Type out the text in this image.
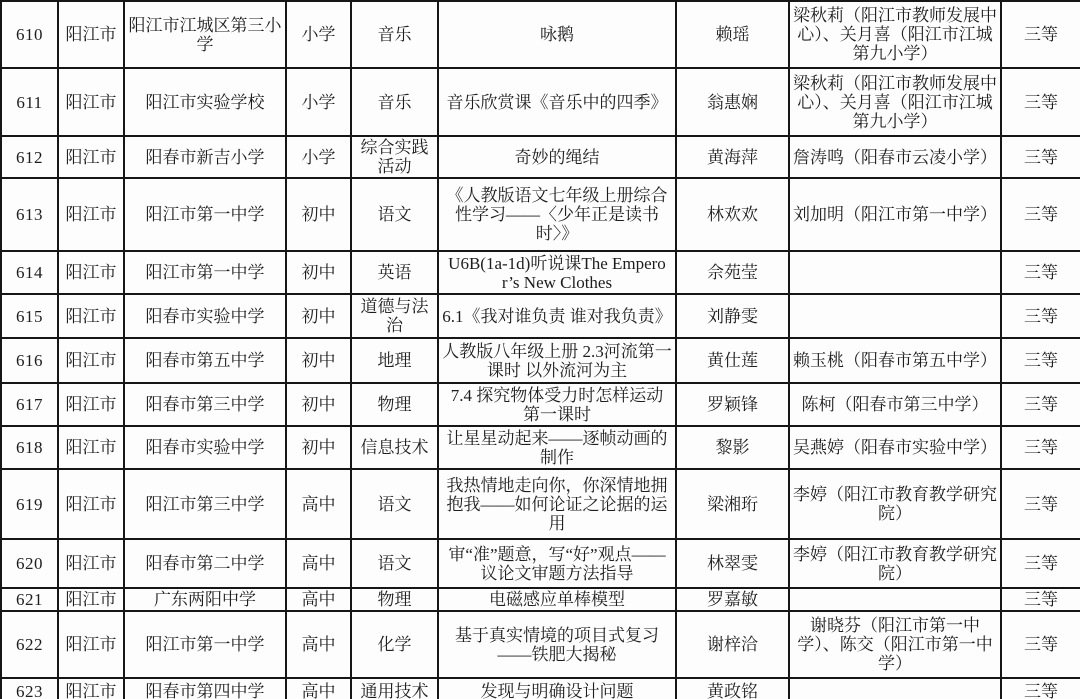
610	阳江市	阳江市江城区第三小学	小学	音乐	咏鹅	赖瑶	梁秋莉（阳江市教师发展中心）、关月喜（阳江市江城第九小学）	三等
611	阳江市	阳江市实验学校	小学	音乐	音乐欣赏课《音乐中的四季》	翁惠娴	梁秋莉（阳江市教师发展中心）、关月喜（阳江市江城第九小学）	三等
612	阳江市	阳春市新吉小学	小学	综合实践活动	奇妙的绳结	黄海萍	詹涛鸣（阳春市云凌小学）	三等
613	阳江市	阳江市第一中学	初中	语文	《人教版语文七年级上册综合性学习——〈少年正是读书时〉》	林欢欢	刘加明（阳江市第一中学）	三等
614	阳江市	阳江市第一中学	初中	英语	U6B(1a-1d)听说课The Emperor’s New Clothes	佘苑莹		三等
615	阳江市	阳春市实验中学	初中	道德与法治	6.1《我对谁负责 谁对我负责》	刘静雯		三等
616	阳江市	阳春市第五中学	初中	地理	人教版八年级上册 2.3河流第一课时 以外流河为主	黄仕莲	赖玉桃（阳春市第五中学）	三等
617	阳江市	阳春市第三中学	初中	物理	7.4 探究物体受力时怎样运动 第一课时	罗颖锋	陈柯（阳春市第三中学）	三等
618	阳江市	阳春市实验中学	初中	信息技术	让星星动起来——逐帧动画的制作	黎影	吴燕婷（阳春市实验中学）	三等
619	阳江市	阳江市第三中学	高中	语文	我热情地走向你，你深情地拥抱我——如何论证之论据的运用	梁湘珩	李婷（阳江市教育教学研究院）	三等
620	阳江市	阳春市第二中学	高中	语文	审“准”题意，写“好”观点——议论文审题方法指导	林翠雯	李婷（阳江市教育教学研究院）	三等
621	阳江市	广东两阳中学	高中	物理	电磁感应单棒模型	罗嘉敏		三等
622	阳江市	阳江市第一中学	高中	化学	基于真实情境的项目式复习——铁肥大揭秘	谢梓洽	谢晓芬（阳江市第一中学）、陈交（阳江市第一中学）	三等
623	阳江市	阳春市第四中学	高中	通用技术	发现与明确设计问题	黄政铭		三等
